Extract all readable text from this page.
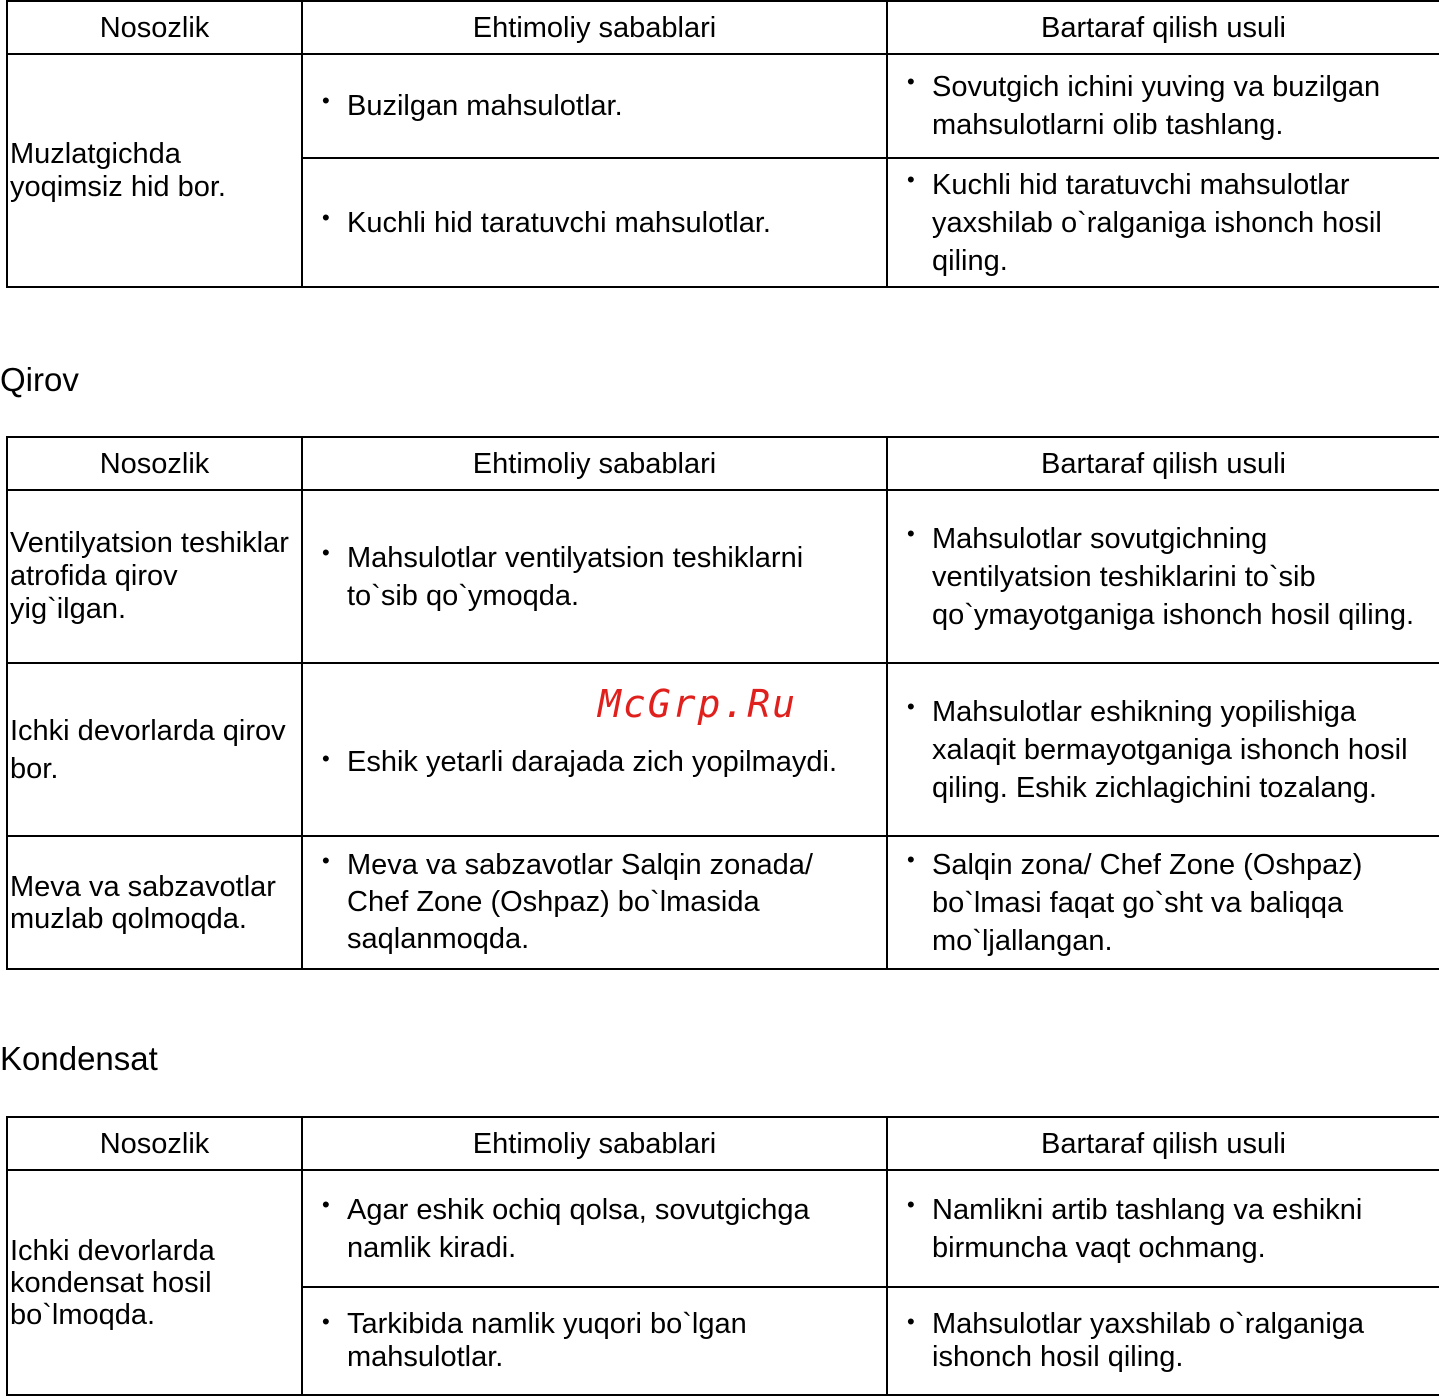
Nosozlik	Ehtimoliy sabablari	Bartaraf qilish usuli
Muzlatgichda yoqimsiz hid bor.	• Buzilgan mahsulotlar.	• Sovutgich ichini yuving va buzilgan mahsulotlarni olib tashlang.

	• Kuchli hid taratuvchi mahsulotlar.	• Kuchli hid taratuvchi mahsulotlar yaxshilab o`ralganiga ishonch hosil qiling.
Qirov
Nosozlik	Ehtimoliy sabablari	Bartaraf qilish usuli
Ventilyatsion teshiklar atrofida qirov yig`ilgan.	• Mahsulotlar ventilyatsion teshiklarni to`sib qo`ymoqda.	• Mahsulotlar sovutgichning ventilyatsion teshiklarini to`sib qo`ymayotganiga ishonch hosil qiling.

Ichki devorlarda qirov bor.	• Eshik yetarli darajada zich yopilmaydi.	• Mahsulotlar eshikning yopilishiga xalaqit bermayotganiga ishonch hosil qiling. Eshik zichlagichini tozalang.

Meva va sabzavotlar muzlab qolmoqda.	• Meva va sabzavotlar Salqin zonada/ Chef Zone (Oshpaz) bo`lmasida saqlanmoqda.	• Salqin zona/ Chef Zone (Oshpaz) bo`lmasi faqat go`sht va baliqqa mo`ljallangan.
McGrp.Ru
Kondensat
Nosozlik	Ehtimoliy sabablari	Bartaraf qilish usuli
Ichki devorlarda kondensat hosil bo`lmoqda.	• Agar eshik ochiq qolsa, sovutgichga namlik kiradi.	• Namlikni artib tashlang va eshikni birmuncha vaqt ochmang.

	• Tarkibida namlik yuqori bo`lgan mahsulotlar.	• Mahsulotlar yaxshilab o`ralganiga ishonch hosil qiling.
